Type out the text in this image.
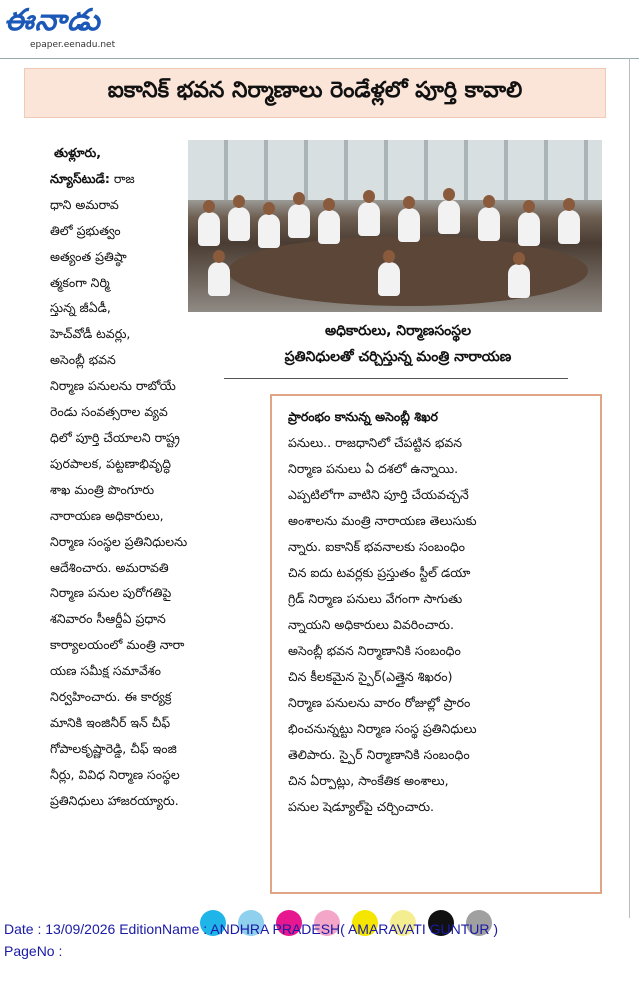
ఈనాడు
epaper.eenadu.net
ఐకానిక్ భవన నిర్మాణాలు రెండేళ్లలో పూర్తి కావాలి

తుళ్లూరు,

న్యూస్‌టుడే: రాజ

ధాని అమరావ

తిలో ప్రభుత్వం

అత్యంత ప్రతిష్ఠా

త్మకంగా నిర్మి

స్తున్న జీఏడీ,

హెచ్‌వోడీ టవర్లు,

అసెంబ్లీ భవన

నిర్మాణ పనులను రాబోయే

రెండు సంవత్సరాల వ్యవ

ధిలో పూర్తి చేయాలని రాష్ట్ర

పురపాలక, పట్టణాభివృద్ధి

శాఖ మంత్రి పొంగూరు

నారాయణ అధికారులు,

నిర్మాణ సంస్థల ప్రతినిధులను

ఆదేశించారు. అమరావతి

నిర్మాణ పనుల పురోగతిపై

శనివారం సీఆర్డీఏ ప్రధాన

కార్యాలయంలో మంత్రి నారా

యణ సమీక్ష సమావేశం

నిర్వహించారు. ఈ కార్యక్ర

మానికి ఇంజినీర్ ఇన్ చీఫ్

గోపాలకృష్ణారెడ్డి, చీఫ్ ఇంజి

నీర్లు, వివిధ నిర్మాణ సంస్థల

ప్రతినిధులు హాజరయ్యారు.

అధికారులు, నిర్మాణసంస్థల
ప్రతినిధులతో చర్చిస్తున్న మంత్రి నారాయణ

ప్రారంభం కానున్న అసెంబ్లీ శిఖర

పనులు.. రాజధానిలో చేపట్టిన భవన

నిర్మాణ పనులు ఏ దశలో ఉన్నాయి.

ఎప్పటిలోగా వాటిని పూర్తి చేయవచ్చనే

అంశాలను మంత్రి నారాయణ తెలుసుకు

న్నారు. ఐకానిక్ భవనాలకు సంబంధిం

చిన ఐదు టవర్లకు ప్రస్తుతం స్టీల్ డయా

గ్రిడ్ నిర్మాణ పనులు వేగంగా సాగుతు

న్నాయని అధికారులు వివరించారు.

అసెంబ్లీ భవన నిర్మాణానికి సంబంధిం

చిన కీలకమైన స్పైర్(ఎత్తైన శిఖరం)

నిర్మాణ పనులను వారం రోజుల్లో ప్రారం

భించనున్నట్టు నిర్మాణ సంస్థ ప్రతినిధులు

తెలిపారు. స్పైర్ నిర్మాణానికి సంబంధిం

చిన ఏర్పాట్లు, సాంకేతిక అంశాలు,

పనుల షెడ్యూల్‌పై చర్చించారు.

Date : 13/09/2026 EditionName : ANDHRA PRADESH( AMARAVATI GUNTUR )
PageNo :
